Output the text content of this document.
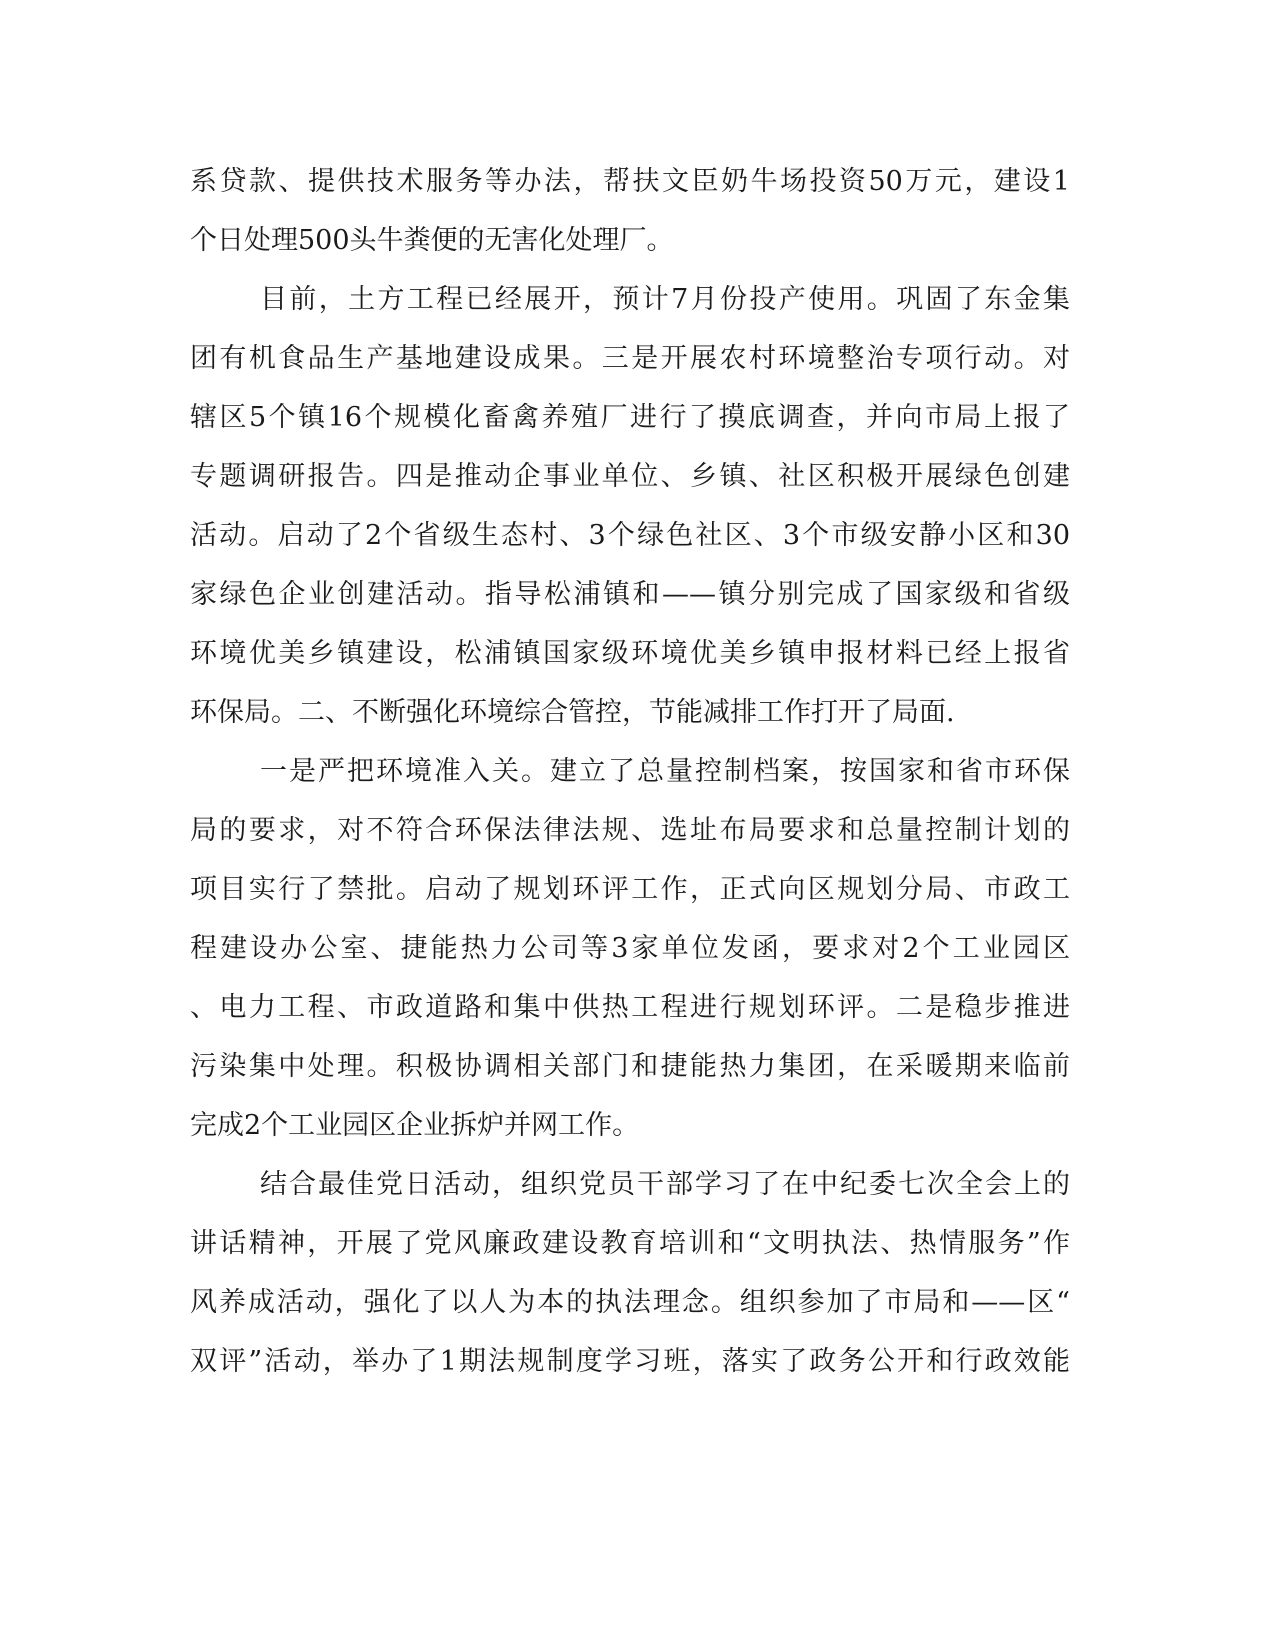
系贷款、提供技术服务等办法，帮扶文臣奶牛场投资50万元，建设1
个日处理500头牛粪便的无害化处理厂。
目前，土方工程已经展开，预计7月份投产使用。巩固了东金集
团有机食品生产基地建设成果。三是开展农村环境整治专项行动。对
辖区5个镇16个规模化畜禽养殖厂进行了摸底调查，并向市局上报了
专题调研报告。四是推动企事业单位、乡镇、社区积极开展绿色创建
活动。启动了2个省级生态村、3个绿色社区、3个市级安静小区和30
家绿色企业创建活动。指导松浦镇和——镇分别完成了国家级和省级
环境优美乡镇建设，松浦镇国家级环境优美乡镇申报材料已经上报省
环保局。二、不断强化环境综合管控，节能减排工作打开了局面.
一是严把环境准入关。建立了总量控制档案，按国家和省市环保
局的要求，对不符合环保法律法规、选址布局要求和总量控制计划的
项目实行了禁批。启动了规划环评工作，正式向区规划分局、市政工
程建设办公室、捷能热力公司等3家单位发函，要求对2个工业园区
、电力工程、市政道路和集中供热工程进行规划环评。二是稳步推进
污染集中处理。积极协调相关部门和捷能热力集团，在采暖期来临前
完成2个工业园区企业拆炉并网工作。
结合最佳党日活动，组织党员干部学习了在中纪委七次全会上的
讲话精神，开展了党风廉政建设教育培训和“文明执法、热情服务”作
风养成活动，强化了以人为本的执法理念。组织参加了市局和——区“
双评”活动，举办了1期法规制度学习班，落实了政务公开和行政效能
